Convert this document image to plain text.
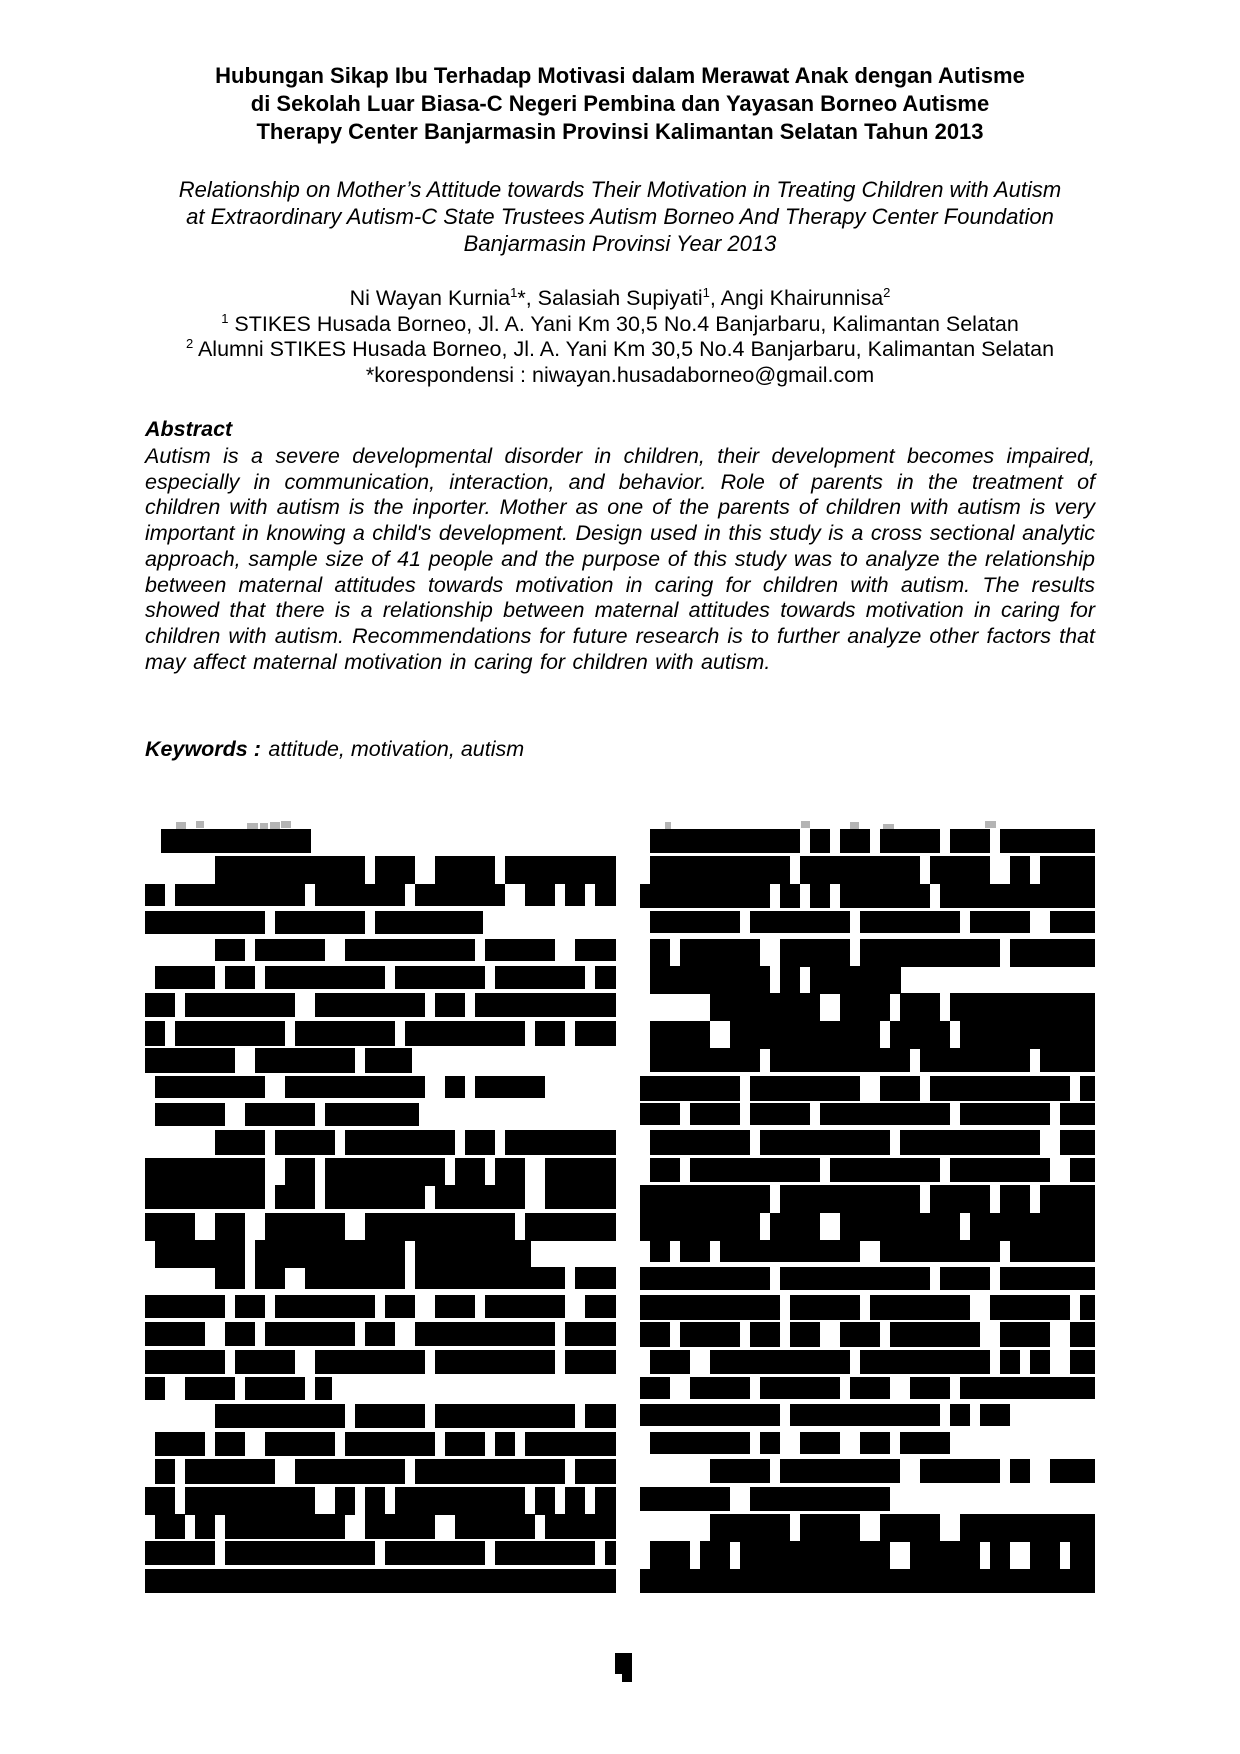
Hubungan Sikap Ibu Terhadap Motivasi dalam Merawat Anak dengan Autisme
di Sekolah Luar Biasa-C Negeri Pembina dan Yayasan Borneo Autisme
Therapy Center Banjarmasin Provinsi Kalimantan Selatan Tahun 2013
Relationship on Mother’s Attitude towards Their Motivation in Treating Children with Autism
at Extraordinary Autism-C State Trustees Autism Borneo And Therapy Center Foundation
Banjarmasin Provinsi Year 2013
Ni Wayan Kurnia$^1$*, Salasiah Supiyati$^1$, Angi Khairunnisa$^2$
$^1$ STIKES Husada Borneo, Jl. A. Yani Km 30,5 No.4 Banjarbaru, Kalimantan Selatan
$^2$ Alumni STIKES Husada Borneo, Jl. A. Yani Km 30,5 No.4 Banjarbaru, Kalimantan Selatan
*korespondensi : niwayan.husadaborneo@gmail.com
Abstract
Autism is a severe developmental disorder in children, their development becomes impaired, especially in communication, interaction, and behavior. Role of parents in the treatment of children with autism is the inporter. Mother as one of the parents of children with autism is very important in knowing a child's development. Design used in this study is a cross sectional analytic approach, sample size of 41 people and the purpose of this study was to analyze the relationship between maternal attitudes towards motivation in caring for children with autism. The results showed that there is a relationship between maternal attitudes towards motivation in caring for children with autism. Recommendations for future research is to further analyze other factors that may affect maternal motivation in caring for children with autism.
Keywords : attitude, motivation, autism
